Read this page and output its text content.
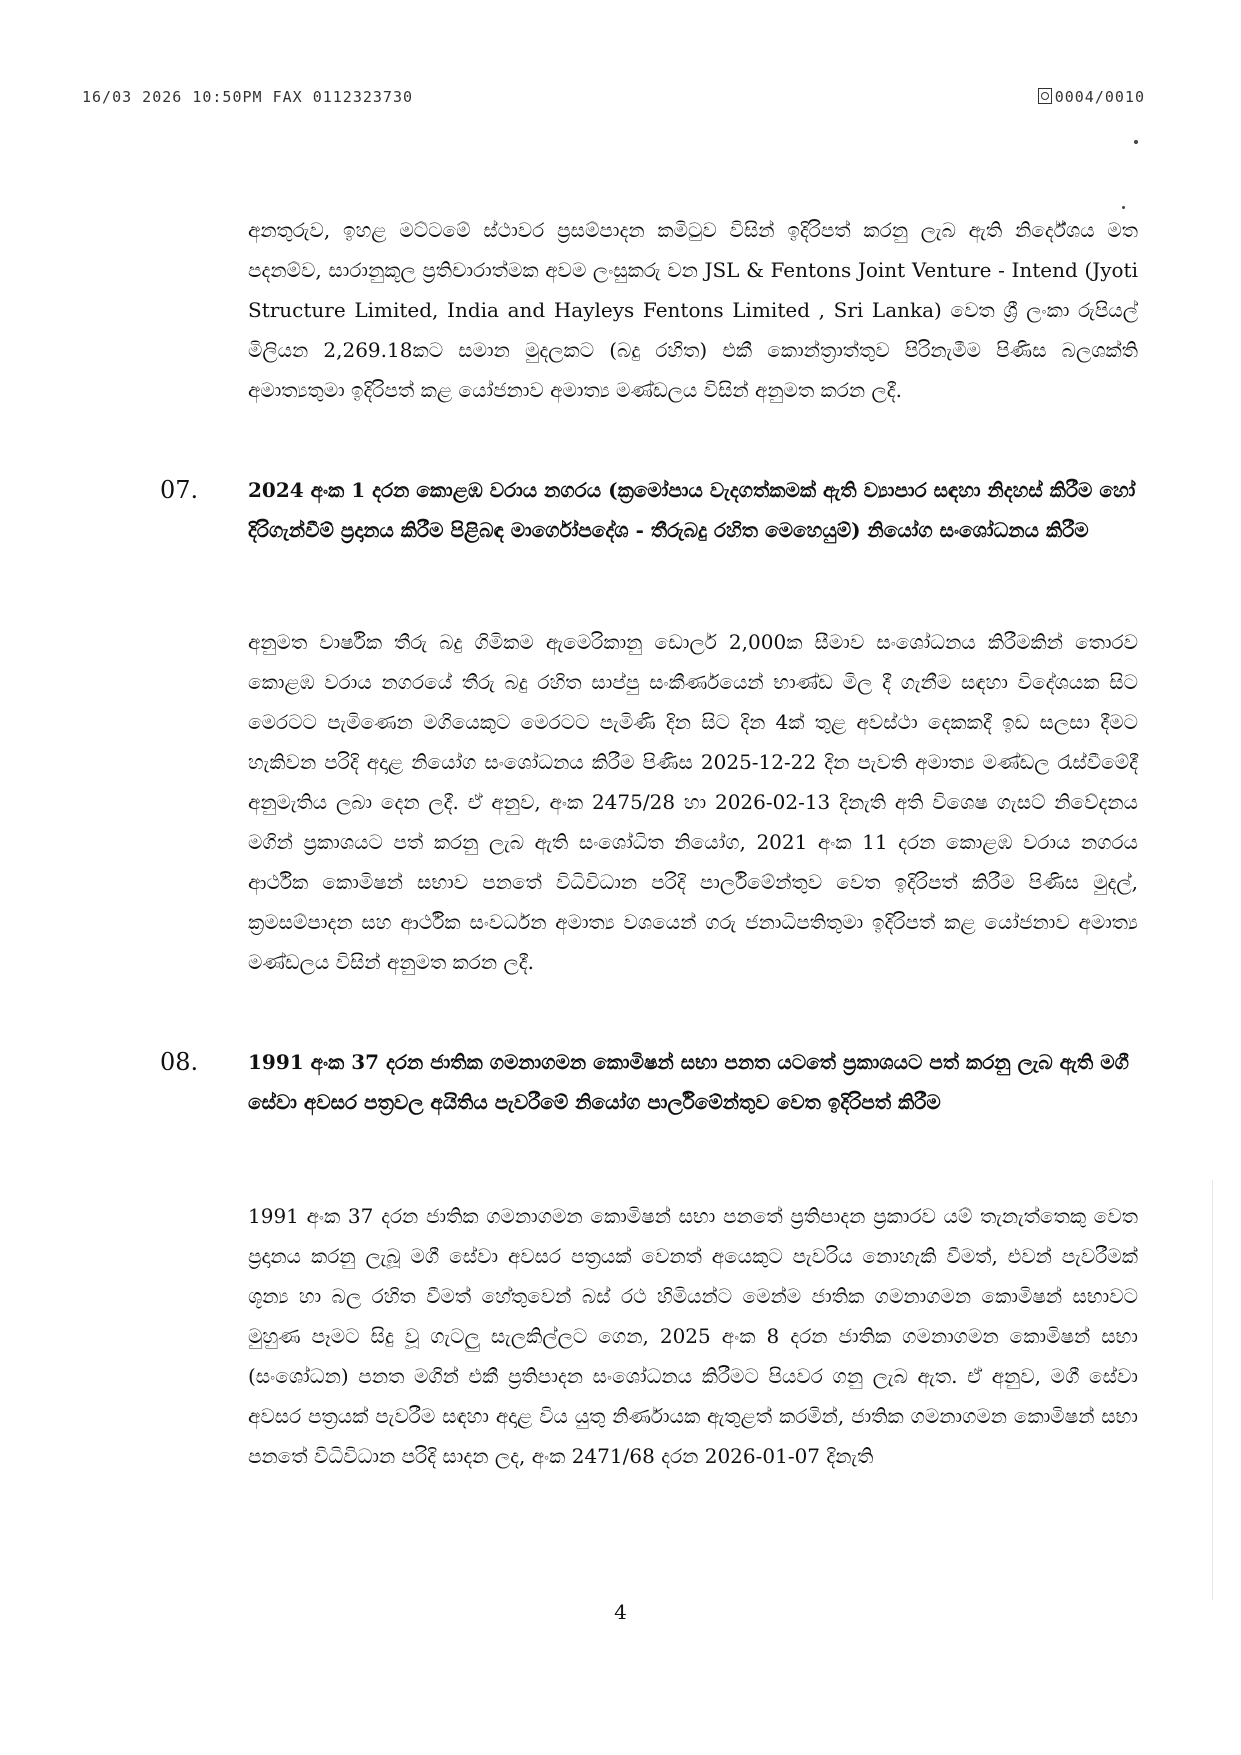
16/03 2026 10:50PM FAX 0112323730	0004/0010

අනතුරුව, ඉහළ මට්ටමේ ස්ථාවර ප්‍රසම්පාදන කමිටුව විසින් ඉදිරිපත් කරනු ලැබ ඇති නිර්දේශය මත පදනම්ව, සාරානුකූල ප්‍රතිචාරාත්මක අවම ලංසුකරු වන JSL & Fentons Joint Venture - Intend (Jyoti Structure Limited, India and Hayleys Fentons Limited , Sri Lanka) වෙත ශ්‍රී ලංකා රුපියල් මිලියන 2,269.18කට සමාන මුදලකට (බදු රහිත) එකී කොන්ත්‍රාත්තුව පිරිනැමීම පිණිස බලශක්ති අමාත්‍යතුමා ඉදිරිපත් කළ යෝජනාව අමාත්‍ය මණ්ඩලය විසින් අනුමත කරන ලදී.

07. 2024 අංක 1 දරන කොළඹ වරාය නගරය (ක්‍රමෝපාය වැදගත්කමක් ඇති ව්‍යාපාර සඳහා නිදහස් කිරීම හෝ දිරිගැන්වීම් ප්‍රදානය කිරීම පිළිබඳ මාර්ගෝපදේශ - තීරුබදු රහිත මෙහෙයුම්) නියෝග සංශෝධනය කිරීම

අනුමත වාර්ෂික තීරු බදු ගිමිකම ඇමෙරිකානු ඩොලර් 2,000ක සීමාව සංශෝධනය කිරීමකින් තොරව කොළඹ වරාය නගරයේ තීරු බදු රහිත සාප්පු සංකීර්ණයෙන් භාණ්ඩ මිල දී ගැනීම සඳහා විදේශයක සිට මෙරටට පැමිණෙන මගියෙකුට මෙරටට පැමිණි දින සිට දින 4ක් තුළ අවස්ථා දෙකකදී ඉඩ සලසා දීමට හැකිවන පරිදි අදාළ නියෝග සංශෝධනය කිරීම පිණිස 2025-12-22 දින පැවති අමාත්‍ය මණ්ඩල රැස්වීමේදී අනුමැතිය ලබා දෙන ලදී. ඒ අනුව, අංක 2475/28 හා 2026-02-13 දිනැති අති විශෙෂ ගැසට් නිවේදනය මගින් ප්‍රකාශයට පත් කරනු ලැබ ඇති සංශෝධිත නියෝග, 2021 අංක 11 දරන කොළඹ වරාය නගරය ආර්ථික කොමිෂන් සභාව පනතේ විධිවිධාන පරිදි පාර්ලිමේන්තුව වෙත ඉදිරිපත් කිරීම පිණිස මුදල්, ක්‍රමසම්පාදන සහ ආර්ථික සංවර්ධන අමාත්‍ය වශයෙන් ගරු ජනාධිපතිතුමා ඉදිරිපත් කළ යෝජනාව අමාත්‍ය මණ්ඩලය විසින් අනුමත කරන ලදී.

08. 1991 අංක 37 දරන ජාතික ගමනාගමන කොමිෂන් සභා පනත යටතේ ප්‍රකාශයට පත් කරනු ලැබ ඇති මගී සේවා අවසර පත්‍රවල අයිතිය පැවරීමේ නියෝග පාර්ලිමේන්තුව වෙත ඉදිරිපත් කිරීම

1991 අංක 37 දරන ජාතික ගමනාගමන කොමිෂන් සභා පනතේ ප්‍රතිපාදන ප්‍රකාරව යම් තැනැත්තෙකු වෙත ප්‍රදානය කරනු ලැබූ මගී සේවා අවසර පත්‍රයක් වෙනත් අයෙකුට පැවරිය නොහැකි වීමත්, එවන් පැවරීමක් ශූන්‍ය හා බල රහිත වීමත් හේතුවෙන් බස් රථ හිමියන්ට මෙන්ම ජාතික ගමනාගමන කොමිෂන් සභාවට මුහුණ පෑමට සිදු වූ ගැටලු සැලකිල්ලට ගෙන, 2025 අංක 8 දරන ජාතික ගමනාගමන කොමිෂන් සභා (සංශෝධන) පනත මගින් එකී ප්‍රතිපාදන සංශෝධනය කිරීමට පියවර ගනු ලැබ ඇත. ඒ අනුව, මගී සේවා අවසර පත්‍රයක් පැවරීම සඳහා අදාළ විය යුතු නිර්ණායක ඇතුළත් කරමින්, ජාතික ගමනාගමන කොමිෂන් සභා පනතේ විධිවිධාන පරිදි සාදන ලද, අංක 2471/68 දරන 2026-01-07 දිනැති

4
